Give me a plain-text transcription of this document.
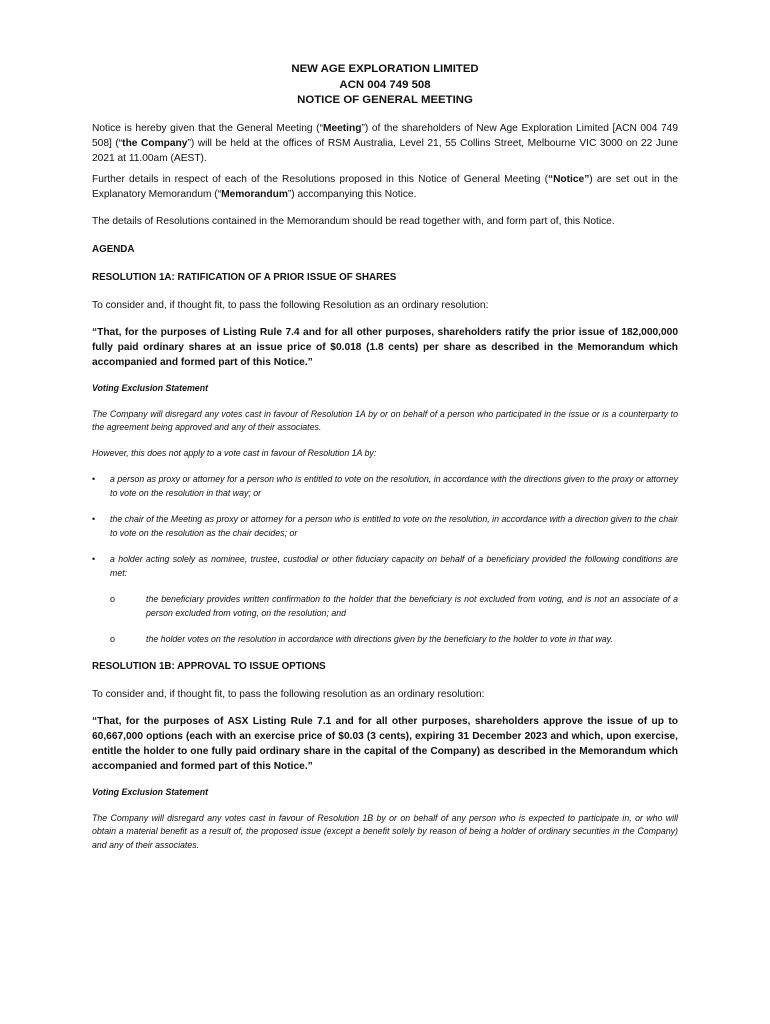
NEW AGE EXPLORATION LIMITED
ACN 004 749 508
NOTICE OF GENERAL MEETING

Notice is hereby given that the General Meeting (“Meeting”) of the shareholders of New Age Exploration Limited [ACN 004 749 508] (“the Company”) will be held at the offices of RSM Australia, Level 21, 55 Collins Street, Melbourne VIC 3000 on 22 June 2021 at 11.00am (AEST).

Further details in respect of each of the Resolutions proposed in this Notice of General Meeting (“Notice”) are set out in the Explanatory Memorandum (“Memorandum”) accompanying this Notice.

The details of Resolutions contained in the Memorandum should be read together with, and form part of, this Notice.

AGENDA

RESOLUTION 1A: RATIFICATION OF A PRIOR ISSUE OF SHARES

To consider and, if thought fit, to pass the following Resolution as an ordinary resolution:

“That, for the purposes of Listing Rule 7.4 and for all other purposes, shareholders ratify the prior issue of 182,000,000 fully paid ordinary shares at an issue price of $0.018 (1.8 cents) per share as described in the Memorandum which accompanied and formed part of this Notice.”

Voting Exclusion Statement

The Company will disregard any votes cast in favour of Resolution 1A by or on behalf of a person who participated in the issue or is a counterparty to the agreement being approved and any of their associates.

However, this does not apply to a vote cast in favour of Resolution 1A by:

•	a person as proxy or attorney for a person who is entitled to vote on the resolution, in accordance with the directions given to the proxy or attorney to vote on the resolution in that way; or
•	the chair of the Meeting as proxy or attorney for a person who is entitled to vote on the resolution, in accordance with a direction given to the chair to vote on the resolution as the chair decides; or
•	a holder acting solely as nominee, trustee, custodial or other fiduciary capacity on behalf of a beneficiary provided the following conditions are met:
o	the beneficiary provides written confirmation to the holder that the beneficiary is not excluded from voting, and is not an associate of a person excluded from voting, on the resolution; and
o	the holder votes on the resolution in accordance with directions given by the beneficiary to the holder to vote in that way.

RESOLUTION 1B: APPROVAL TO ISSUE OPTIONS

To consider and, if thought fit, to pass the following resolution as an ordinary resolution:

“That, for the purposes of ASX Listing Rule 7.1 and for all other purposes, shareholders approve the issue of up to 60,667,000 options (each with an exercise price of $0.03 (3 cents), expiring 31 December 2023 and which, upon exercise, entitle the holder to one fully paid ordinary share in the capital of the Company) as described in the Memorandum which accompanied and formed part of this Notice.”

Voting Exclusion Statement

The Company will disregard any votes cast in favour of Resolution 1B by or on behalf of any person who is expected to participate in, or who will obtain a material benefit as a result of, the proposed issue (except a benefit solely by reason of being a holder of ordinary securities in the Company) and any of their associates.
